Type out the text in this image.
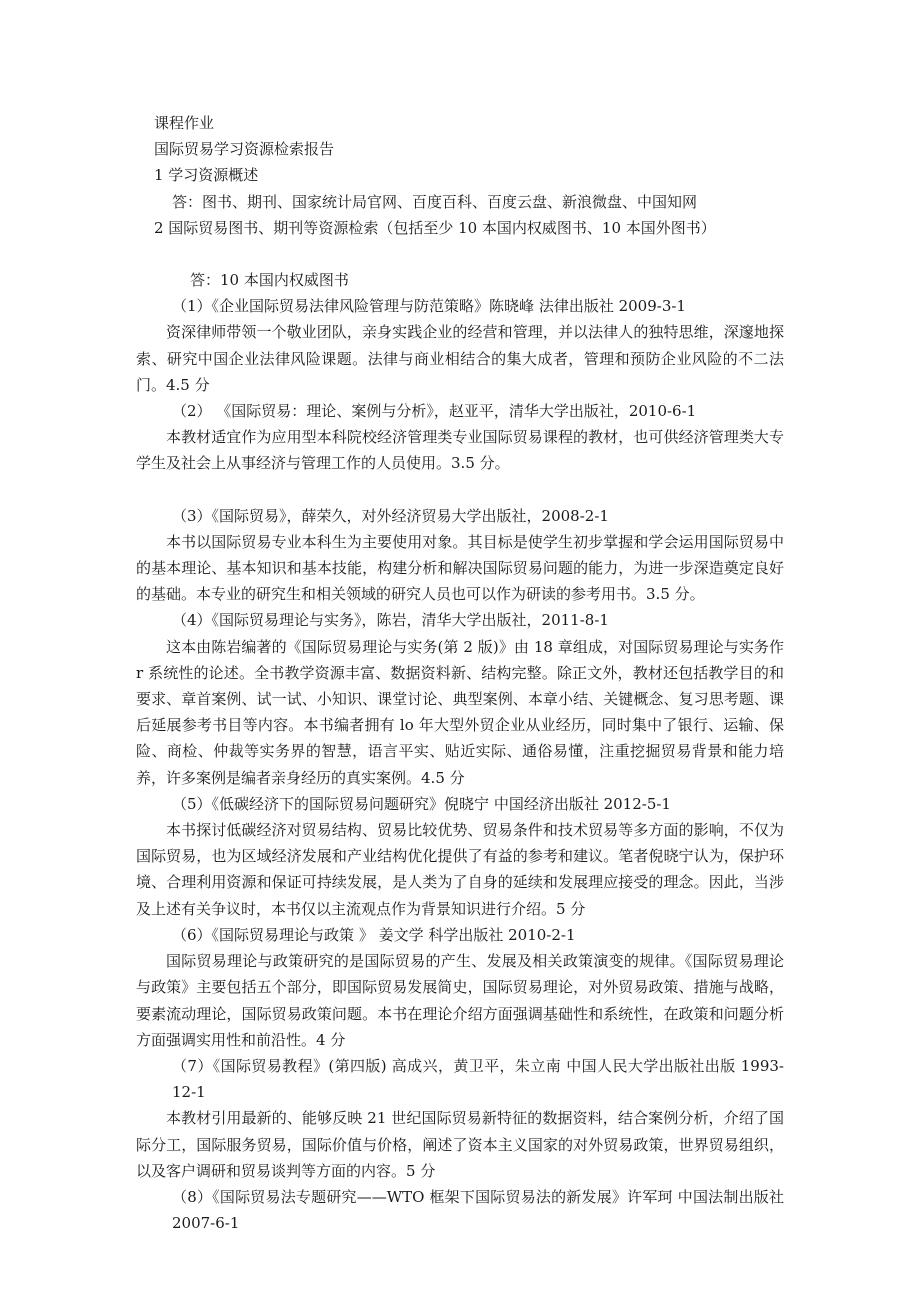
课程作业

国际贸易学习资源检索报告

1 学习资源概述

答：图书、期刊、国家统计局官网、百度百科、百度云盘、新浪微盘、中国知网

2 国际贸易图书、期刊等资源检索（包括至少 10 本国内权威图书、10 本国外图书）

答：10 本国内权威图书

（1）《企业国际贸易法律风险管理与防范策略》陈晓峰 法律出版社 2009-3-1

资深律师带领一个敬业团队，亲身实践企业的经营和管理，并以法律人的独特思维，深邃地探索、研究中国企业法律风险课题。法律与商业相结合的集大成者，管理和预防企业风险的不二法门。4.5 分

（2） 《国际贸易：理论、案例与分析》，赵亚平，清华大学出版社，2010-6-1

本教材适宜作为应用型本科院校经济管理类专业国际贸易课程的教材，也可供经济管理类大专学生及社会上从事经济与管理工作的人员使用。3.5 分。

（3）《国际贸易》，薛荣久，对外经济贸易大学出版社，2008-2-1

本书以国际贸易专业本科生为主要使用对象。其目标是使学生初步掌握和学会运用国际贸易中的基本理论、基本知识和基本技能，构建分析和解决国际贸易问题的能力，为进一步深造奠定良好的基础。本专业的研究生和相关领域的研究人员也可以作为研读的参考用书。3.5 分。

（4）《国际贸易理论与实务》，陈岩，清华大学出版社，2011-8-1

这本由陈岩编著的《国际贸易理论与实务(第 2 版)》由 18 章组成，对国际贸易理论与实务作 r 系统性的论述。全书教学资源丰富、数据资料新、结构完整。除正文外，教材还包括教学目的和要求、章首案例、试一试、小知识、课堂讨论、典型案例、本章小结、关键概念、复习思考题、课后延展参考书目等内容。本书编者拥有 lo 年大型外贸企业从业经历，同时集中了银行、运输、保险、商检、仲裁等实务界的智慧，语言平实、贴近实际、通俗易懂，注重挖掘贸易背景和能力培养，许多案例是编者亲身经历的真实案例。4.5 分

（5）《低碳经济下的国际贸易问题研究》倪晓宁 中国经济出版社 2012-5-1

本书探讨低碳经济对贸易结构、贸易比较优势、贸易条件和技术贸易等多方面的影响，不仅为国际贸易，也为区域经济发展和产业结构优化提供了有益的参考和建议。笔者倪晓宁认为，保护环境、合理利用资源和保证可持续发展，是人类为了自身的延续和发展理应接受的理念。因此，当涉及上述有关争议时，本书仅以主流观点作为背景知识进行介绍。5 分

（6）《国际贸易理论与政策 》 姜文学 科学出版社 2010-2-1

国际贸易理论与政策研究的是国际贸易的产生、发展及相关政策演变的规律。《国际贸易理论与政策》主要包括五个部分，即国际贸易发展简史，国际贸易理论，对外贸易政策、措施与战略，要素流动理论，国际贸易政策问题。本书在理论介绍方面强调基础性和系统性，在政策和问题分析方面强调实用性和前沿性。4 分

（7）《国际贸易教程》(第四版) 高成兴，黄卫平，朱立南 中国人民大学出版社出版 1993-12-1

本教材引用最新的、能够反映 21 世纪国际贸易新特征的数据资料，结合案例分析，介绍了国际分工，国际服务贸易，国际价值与价格，阐述了资本主义国家的对外贸易政策，世界贸易组织，以及客户调研和贸易谈判等方面的内容。5 分

（8）《国际贸易法专题研究——WTO 框架下国际贸易法的新发展》许军珂 中国法制出版社 2007-6-1
